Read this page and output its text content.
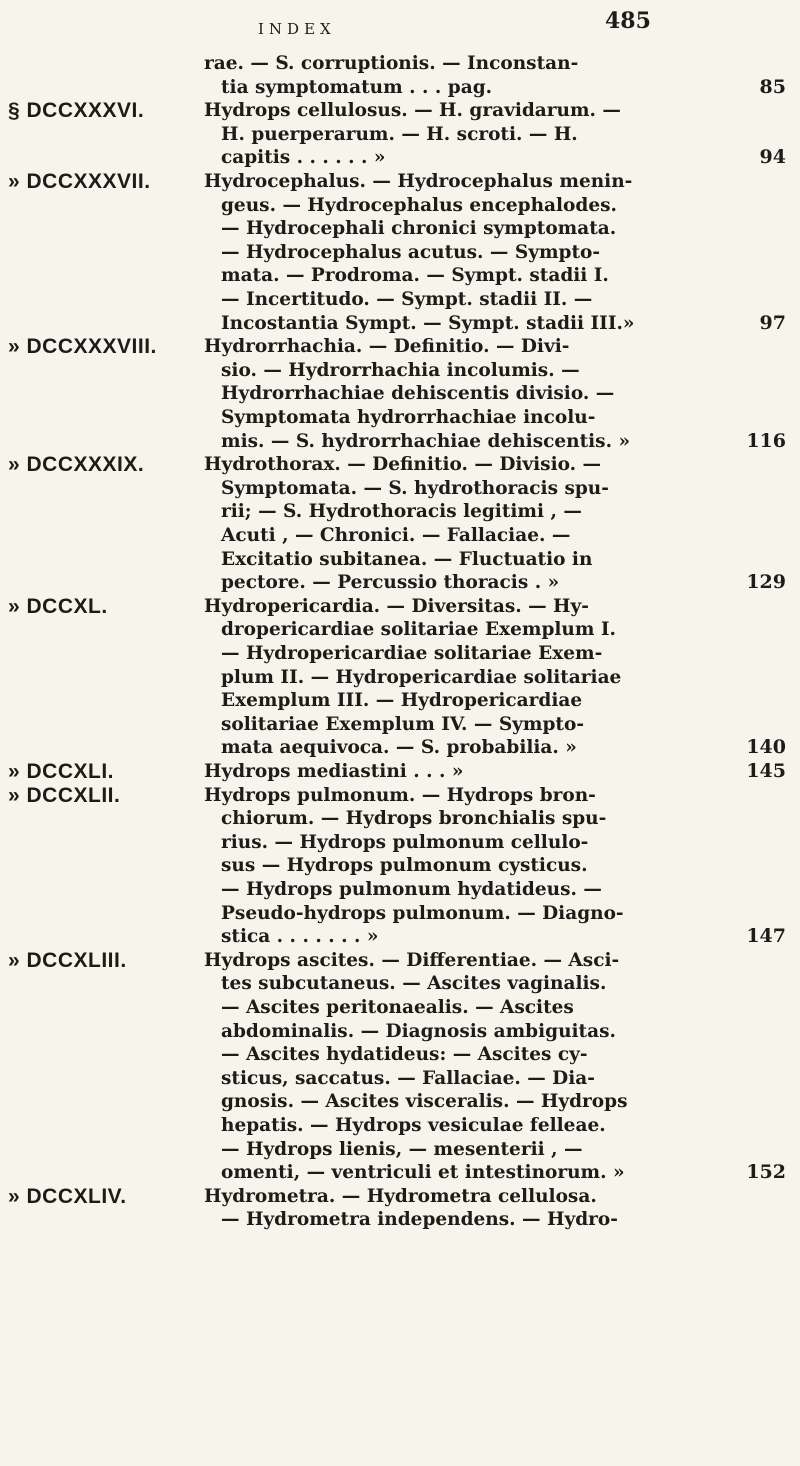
INDEX	485
rae. — S. corruptionis. — Inconstan-
tia symptomatum . . . pag.	85
§ DCCXXXVI.	Hydrops cellulosus. — H. gravidarum. —
H. puerperarum. — H. scroti. — H.
capitis . . . . . . »	94
» DCCXXXVII.	Hydrocephalus. — Hydrocephalus menin-
geus. — Hydrocephalus encephalodes.
— Hydrocephali chronici symptomata.
— Hydrocephalus acutus. — Sympto-
mata. — Prodroma. — Sympt. stadii I.
— Incertitudo. — Sympt. stadii II. —
Incostantia Sympt. — Sympt. stadii III.»	97
» DCCXXXVIII.	Hydrorrhachia. — Definitio. — Divi-
sio. — Hydrorrhachia incolumis. —
Hydrorrhachiae dehiscentis divisio. —
Symptomata hydrorrhachiae incolu-
mis. — S. hydrorrhachiae dehiscentis. »	116
» DCCXXXIX.	Hydrothorax. — Definitio. — Divisio. —
Symptomata. — S. hydrothoracis spu-
rii; — S. Hydrothoracis legitimi , —
Acuti , — Chronici. — Fallaciae. —
Excitatio subitanea. — Fluctuatio in
pectore. — Percussio thoracis . »	129
» DCCXL.	Hydropericardia. — Diversitas. — Hy-
dropericardiae solitariae Exemplum I.
— Hydropericardiae solitariae Exem-
plum II. — Hydropericardiae solitariae
Exemplum III. — Hydropericardiae
solitariae Exemplum IV. — Sympto-
mata aequivoca. — S. probabilia. »	140
» DCCXLI.	Hydrops mediastini . . . »	145
» DCCXLII.	Hydrops pulmonum. — Hydrops bron-
chiorum. — Hydrops bronchialis spu-
rius. — Hydrops pulmonum cellulo-
sus — Hydrops pulmonum cysticus.
— Hydrops pulmonum hydatideus. —
Pseudo-hydrops pulmonum. — Diagno-
stica . . . . . . . »	147
» DCCXLIII.	Hydrops ascites. — Differentiae. — Asci-
tes subcutaneus. — Ascites vaginalis.
— Ascites peritonaealis. — Ascites
abdominalis. — Diagnosis ambiguitas.
— Ascites hydatideus: — Ascites cy-
sticus, saccatus. — Fallaciae. — Dia-
gnosis. — Ascites visceralis. — Hydrops
hepatis. — Hydrops vesiculae felleae.
— Hydrops lienis, — mesenterii , —
omenti, — ventriculi et intestinorum. »	152
» DCCXLIV.	Hydrometra. — Hydrometra cellulosa.
— Hydrometra independens. — Hydro-
